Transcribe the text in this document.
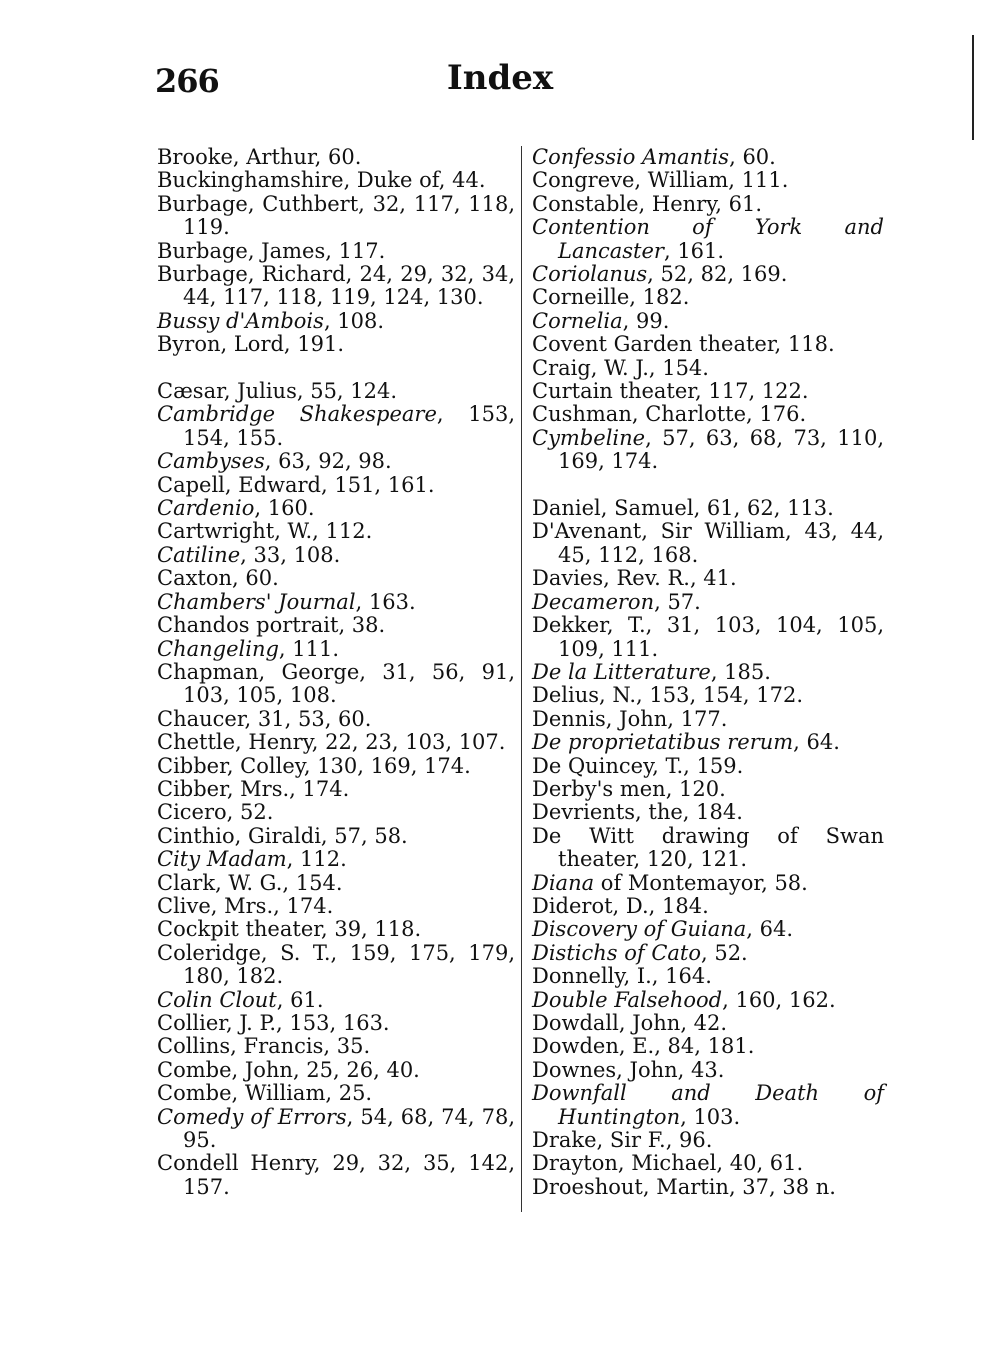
266	Index
Brooke, Arthur, 60.
Buckinghamshire, Duke of, 44.
Burbage, Cuthbert, 32, 117, 118, 119.
Burbage, James, 117.
Burbage, Richard, 24, 29, 32, 34, 44, 117, 118, 119, 124, 130.
Bussy d'Ambois, 108.
Byron, Lord, 191.
Cæsar, Julius, 55, 124.
Cambridge Shakespeare, 153, 154, 155.
Cambyses, 63, 92, 98.
Capell, Edward, 151, 161.
Cardenio, 160.
Cartwright, W., 112.
Catiline, 33, 108.
Caxton, 60.
Chambers' Journal, 163.
Chandos portrait, 38.
Changeling, 111.
Chapman, George, 31, 56, 91, 103, 105, 108.
Chaucer, 31, 53, 60.
Chettle, Henry, 22, 23, 103, 107.
Cibber, Colley, 130, 169, 174.
Cibber, Mrs., 174.
Cicero, 52.
Cinthio, Giraldi, 57, 58.
City Madam, 112.
Clark, W. G., 154.
Clive, Mrs., 174.
Cockpit theater, 39, 118.
Coleridge, S. T., 159, 175, 179, 180, 182.
Colin Clout, 61.
Collier, J. P., 153, 163.
Collins, Francis, 35.
Combe, John, 25, 26, 40.
Combe, William, 25.
Comedy of Errors, 54, 68, 74, 78, 95.
Condell Henry, 29, 32, 35, 142, 157.
Confessio Amantis, 60.
Congreve, William, 111.
Constable, Henry, 61.
Contention of York and Lancaster, 161.
Coriolanus, 52, 82, 169.
Corneille, 182.
Cornelia, 99.
Covent Garden theater, 118.
Craig, W. J., 154.
Curtain theater, 117, 122.
Cushman, Charlotte, 176.
Cymbeline, 57, 63, 68, 73, 110, 169, 174.
Daniel, Samuel, 61, 62, 113.
D'Avenant, Sir William, 43, 44, 45, 112, 168.
Davies, Rev. R., 41.
Decameron, 57.
Dekker, T., 31, 103, 104, 105, 109, 111.
De la Litterature, 185.
Delius, N., 153, 154, 172.
Dennis, John, 177.
De proprietatibus rerum, 64.
De Quincey, T., 159.
Derby's men, 120.
Devrients, the, 184.
De Witt drawing of Swan theater, 120, 121.
Diana of Montemayor, 58.
Diderot, D., 184.
Discovery of Guiana, 64.
Distichs of Cato, 52.
Donnelly, I., 164.
Double Falsehood, 160, 162.
Dowdall, John, 42.
Dowden, E., 84, 181.
Downes, John, 43.
Downfall and Death of Huntington, 103.
Drake, Sir F., 96.
Drayton, Michael, 40, 61.
Droeshout, Martin, 37, 38 n.
